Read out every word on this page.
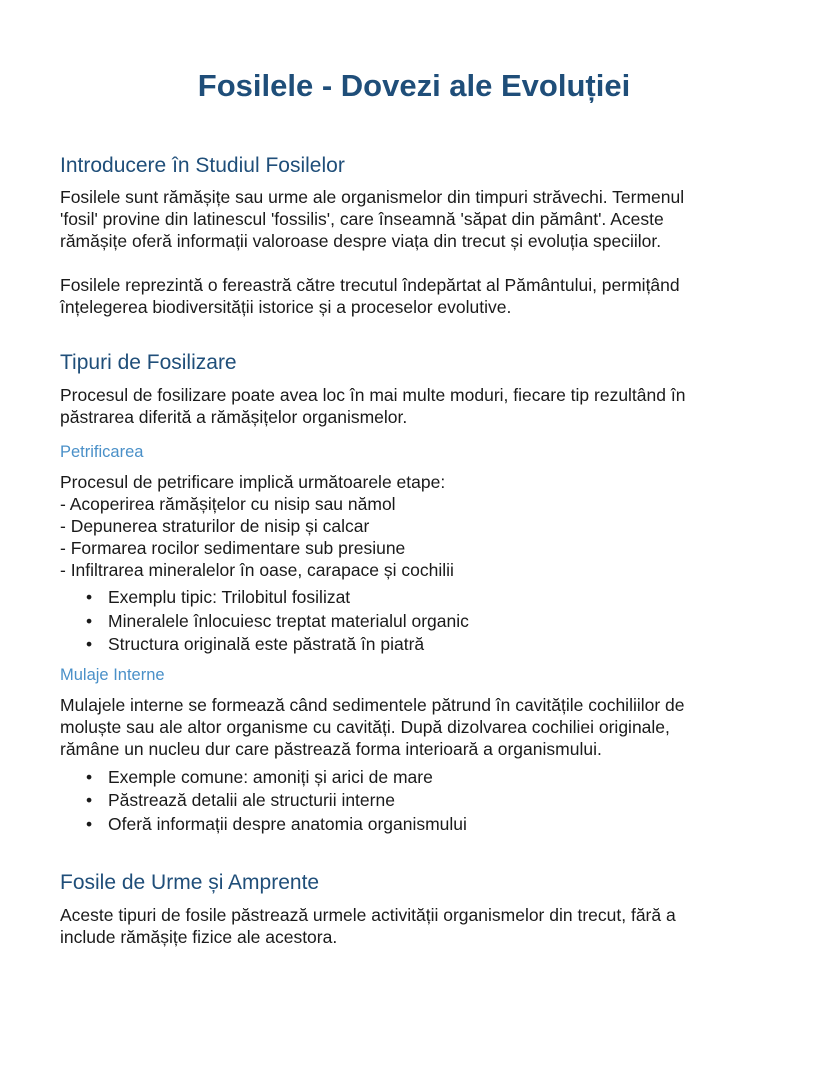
Fosilele - Dovezi ale Evoluției
Introducere în Studiul Fosilelor

Fosilele sunt rămășițe sau urme ale organismelor din timpuri străvechi. Termenul
'fosil' provine din latinescul 'fossilis', care înseamnă 'săpat din pământ'. Aceste
rămășițe oferă informații valoroase despre viața din trecut și evoluția speciilor.

Fosilele reprezintă o fereastră către trecutul îndepărtat al Pământului, permițând
înțelegerea biodiversității istorice și a proceselor evolutive.

Tipuri de Fosilizare

Procesul de fosilizare poate avea loc în mai multe moduri, fiecare tip rezultând în
păstrarea diferită a rămășițelor organismelor.

Petrificarea

Procesul de petrificare implică următoarele etape:
- Acoperirea rămășițelor cu nisip sau nămol
- Depunerea straturilor de nisip și calcar
- Formarea rocilor sedimentare sub presiune
- Infiltrarea mineralelor în oase, carapace și cochilii

• Exemplu tipic: Trilobitul fosilizat
• Mineralele înlocuiesc treptat materialul organic
• Structura originală este păstrată în piatră
Mulaje Interne

Mulajele interne se formează când sedimentele pătrund în cavitățile cochiliilor de
moluște sau ale altor organisme cu cavități. După dizolvarea cochiliei originale,
rămâne un nucleu dur care păstrează forma interioară a organismului.

• Exemple comune: amoniți și arici de mare
• Păstrează detalii ale structurii interne
• Oferă informații despre anatomia organismului
Fosile de Urme și Amprente

Aceste tipuri de fosile păstrează urmele activității organismelor din trecut, fără a
include rămășițe fizice ale acestora.
